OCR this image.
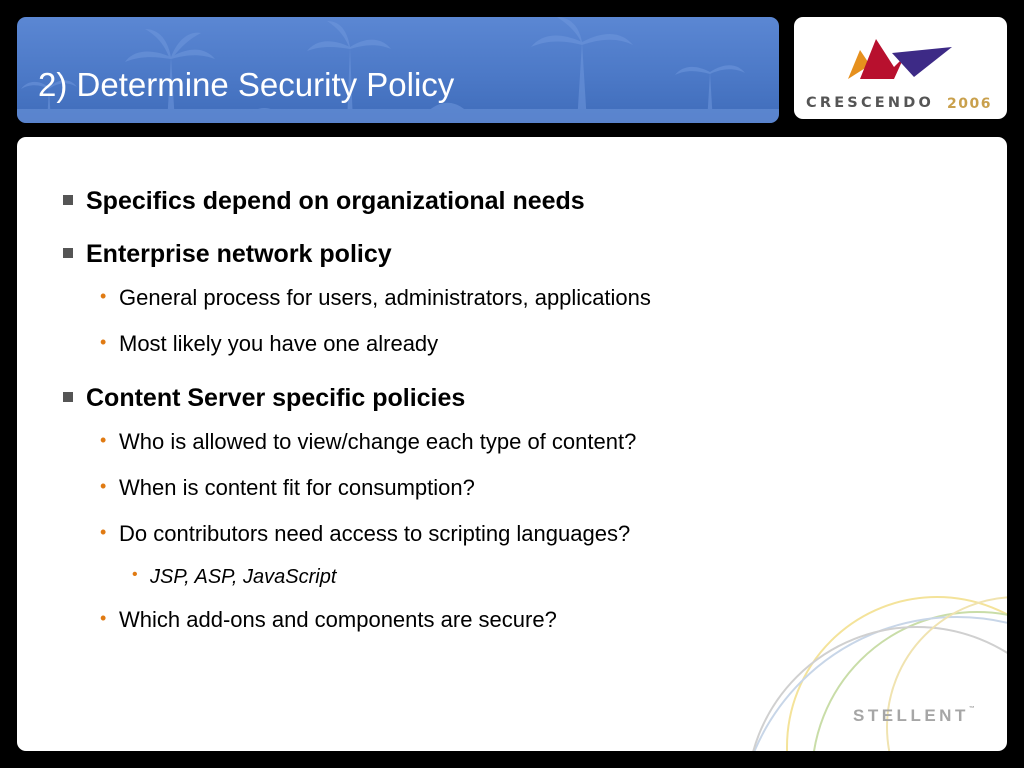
2) Determine Security Policy	CRESCENDO 2006
Specifics depend on organizational needs
Enterprise network policy
• General process for users, administrators, applications
• Most likely you have one already
Content Server specific policies
• Who is allowed to view/change each type of content?
• When is content fit for consumption?
• Do contributors need access to scripting languages?
• JSP, ASP, JavaScript
• Which add-ons and components are secure?
STELLENT™
